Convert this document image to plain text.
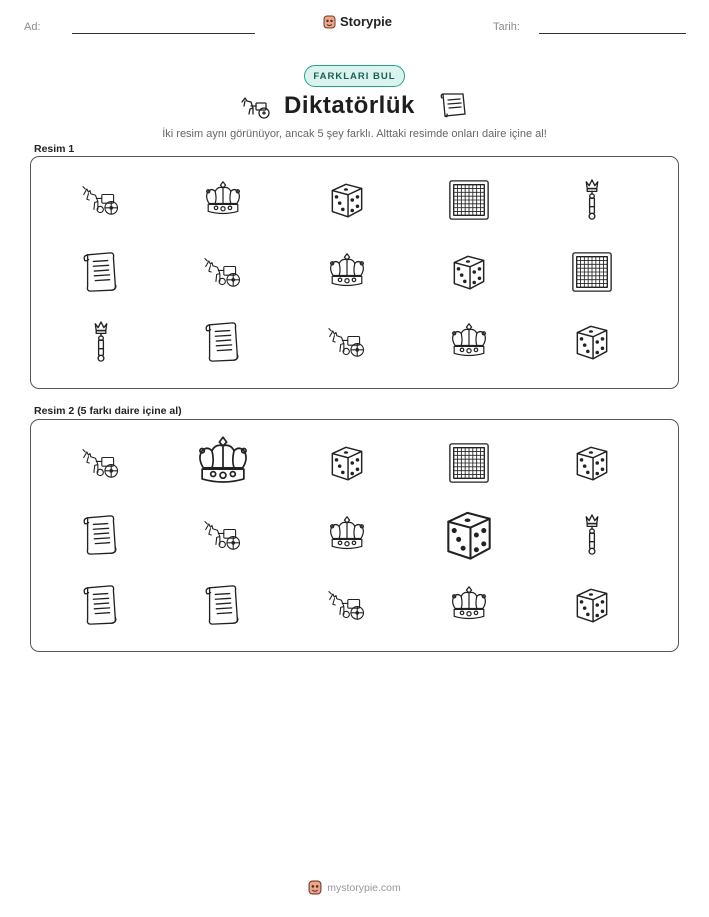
Ad:	Storypie	Tarih:
FARKLARI BUL
Diktatörlük
İki resim aynı görünüyor, ancak 5 şey farklı. Alttaki resimde onları daire içine al!
Resim 1
Resim 2 (5 farkı daire içine al)
mystorypie.com
